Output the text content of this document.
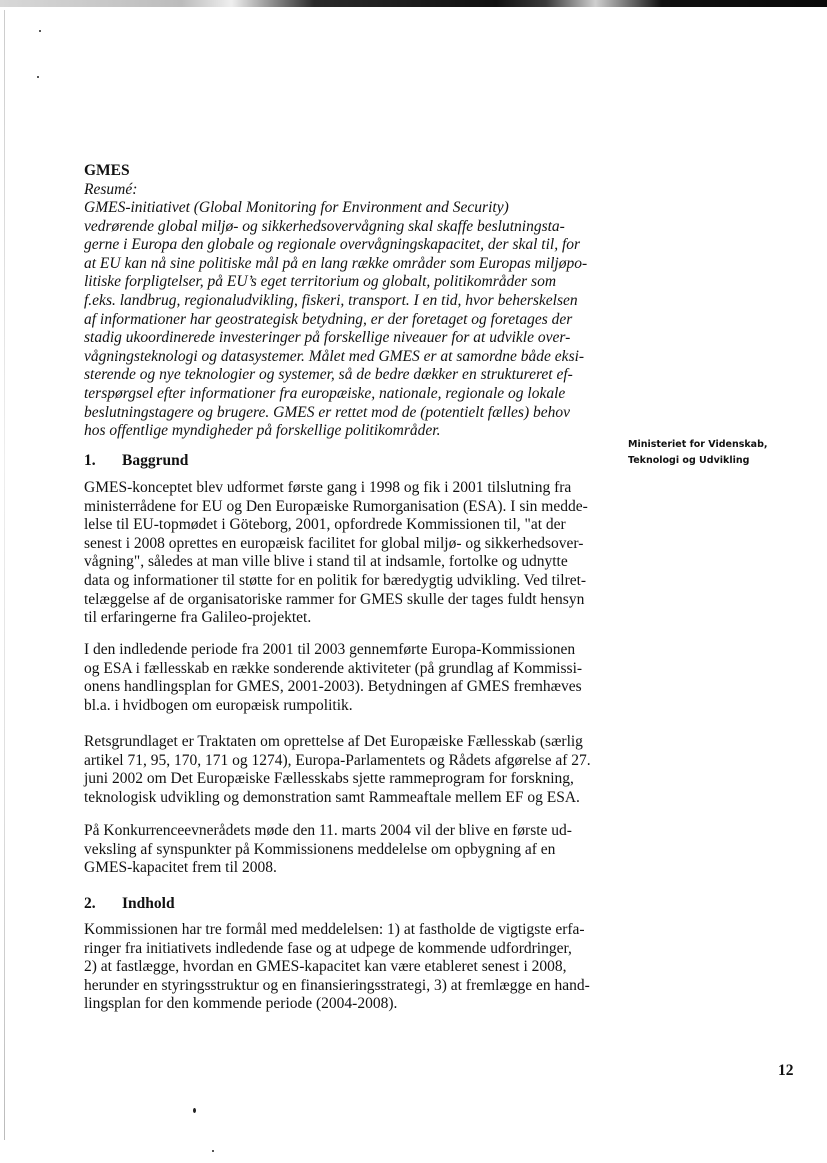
GMES
Resumé:
GMES-initiativet (Global Monitoring for Environment and Security)
vedrørende global miljø- og sikkerhedsovervågning skal skaffe beslutningsta-
gerne i Europa den globale og regionale overvågningskapacitet, der skal til, for
at EU kan nå sine politiske mål på en lang række områder som Europas miljøpo-
litiske forpligtelser, på EU’s eget territorium og globalt, politikområder som
f.eks. landbrug, regionaludvikling, fiskeri, transport. I en tid, hvor beherskelsen
af informationer har geostrategisk betydning, er der foretaget og foretages der
stadig ukoordinerede investeringer på forskellige niveauer for at udvikle over-
vågningsteknologi og datasystemer. Målet med GMES er at samordne både eksi-
sterende og nye teknologier og systemer, så de bedre dækker en struktureret ef-
terspørgsel efter informationer fra europæiske, nationale, regionale og lokale
beslutningstagere og brugere. GMES er rettet mod de (potentielt fælles) behov
hos offentlige myndigheder på forskellige politikområder.
Ministeriet for Videnskab,
Teknologi og Udvikling
1. Baggrund
GMES-konceptet blev udformet første gang i 1998 og fik i 2001 tilslutning fra
ministerrådene for EU og Den Europæiske Rumorganisation (ESA). I sin medde-
lelse til EU-topmødet i Göteborg, 2001, opfordrede Kommissionen til, "at der
senest i 2008 oprettes en europæisk facilitet for global miljø- og sikkerhedsover-
vågning", således at man ville blive i stand til at indsamle, fortolke og udnytte
data og informationer til støtte for en politik for bæredygtig udvikling. Ved tilret-
telæggelse af de organisatoriske rammer for GMES skulle der tages fuldt hensyn
til erfaringerne fra Galileo-projektet.
I den indledende periode fra 2001 til 2003 gennemførte Europa-Kommissionen
og ESA i fællesskab en række sonderende aktiviteter (på grundlag af Kommissi-
onens handlingsplan for GMES, 2001-2003). Betydningen af GMES fremhæves
bl.a. i hvidbogen om europæisk rumpolitik.
Retsgrundlaget er Traktaten om oprettelse af Det Europæiske Fællesskab (særlig
artikel 71, 95, 170, 171 og 1274), Europa-Parlamentets og Rådets afgørelse af 27.
juni 2002 om Det Europæiske Fællesskabs sjette rammeprogram for forskning,
teknologisk udvikling og demonstration samt Rammeaftale mellem EF og ESA.
På Konkurrenceevnerådets møde den 11. marts 2004 vil der blive en første ud-
veksling af synspunkter på Kommissionens meddelelse om opbygning af en
GMES-kapacitet frem til 2008.
2. Indhold
Kommissionen har tre formål med meddelelsen: 1) at fastholde de vigtigste erfa-
ringer fra initiativets indledende fase og at udpege de kommende udfordringer,
2) at fastlægge, hvordan en GMES-kapacitet kan være etableret senest i 2008,
herunder en styringsstruktur og en finansieringsstrategi, 3) at fremlægge en hand-
lingsplan for den kommende periode (2004-2008).
12
